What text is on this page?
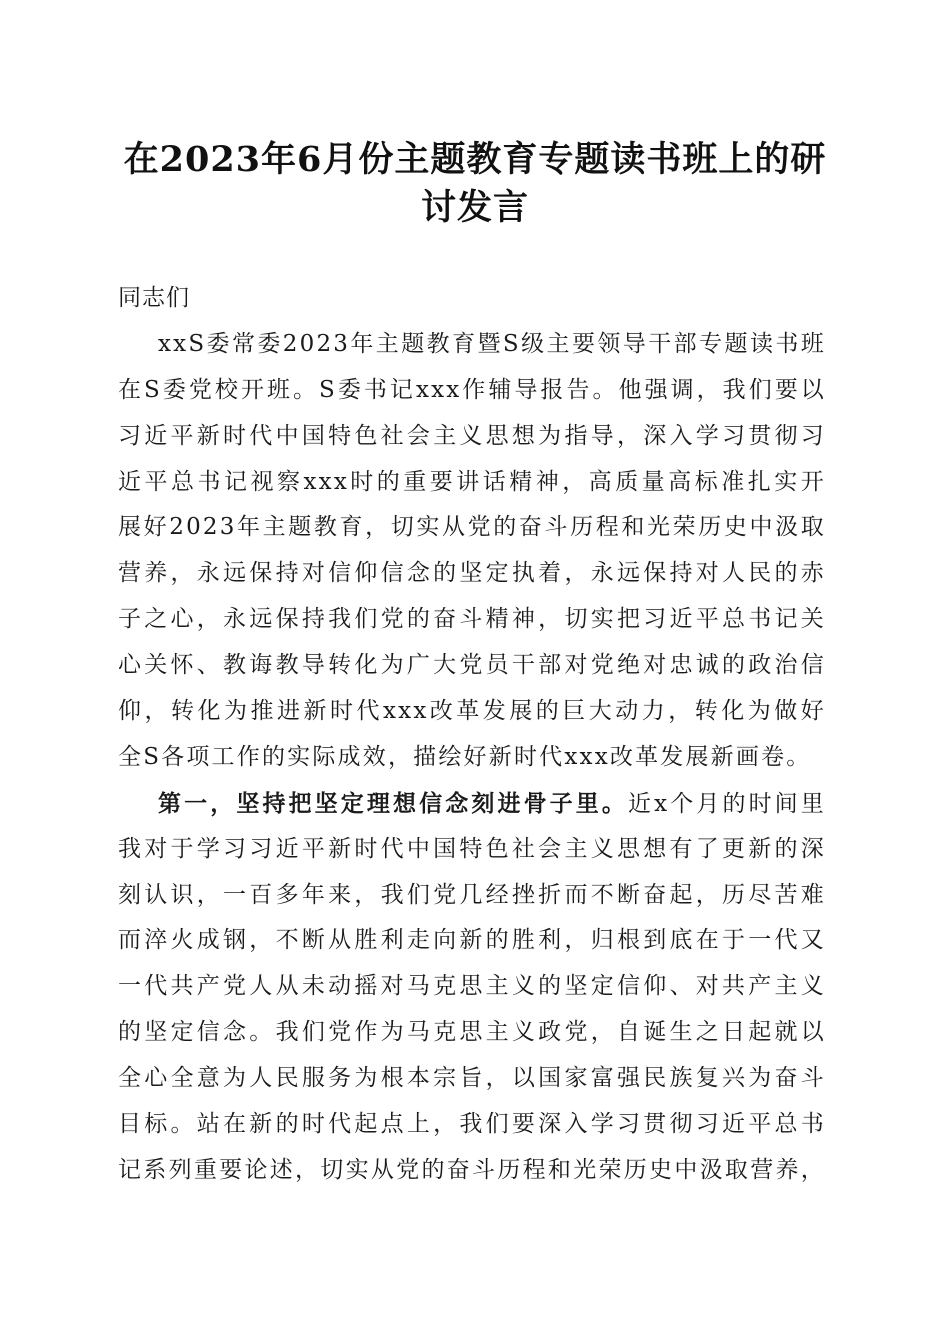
在2023年6月份主题教育专题读书班上的研
讨发言
同志们
xxS委常委2023年主题教育暨S级主要领导干部专题读书班
在S委党校开班。S委书记xxx作辅导报告。他强调，我们要以
习近平新时代中国特色社会主义思想为指导，深入学习贯彻习
近平总书记视察xxx时的重要讲话精神，高质量高标准扎实开
展好2023年主题教育，切实从党的奋斗历程和光荣历史中汲取
营养，永远保持对信仰信念的坚定执着，永远保持对人民的赤
子之心，永远保持我们党的奋斗精神，切实把习近平总书记关
心关怀、教诲教导转化为广大党员干部对党绝对忠诚的政治信
仰，转化为推进新时代xxx改革发展的巨大动力，转化为做好
全S各项工作的实际成效，描绘好新时代xxx改革发展新画卷。
第一，坚持把坚定理想信念刻进骨子里。近x个月的时间里
我对于学习习近平新时代中国特色社会主义思想有了更新的深
刻认识，一百多年来，我们党几经挫折而不断奋起，历尽苦难
而淬火成钢，不断从胜利走向新的胜利，归根到底在于一代又
一代共产党人从未动摇对马克思主义的坚定信仰、对共产主义
的坚定信念。我们党作为马克思主义政党，自诞生之日起就以
全心全意为人民服务为根本宗旨，以国家富强民族复兴为奋斗
目标。站在新的时代起点上，我们要深入学习贯彻习近平总书
记系列重要论述，切实从党的奋斗历程和光荣历史中汲取营养，
